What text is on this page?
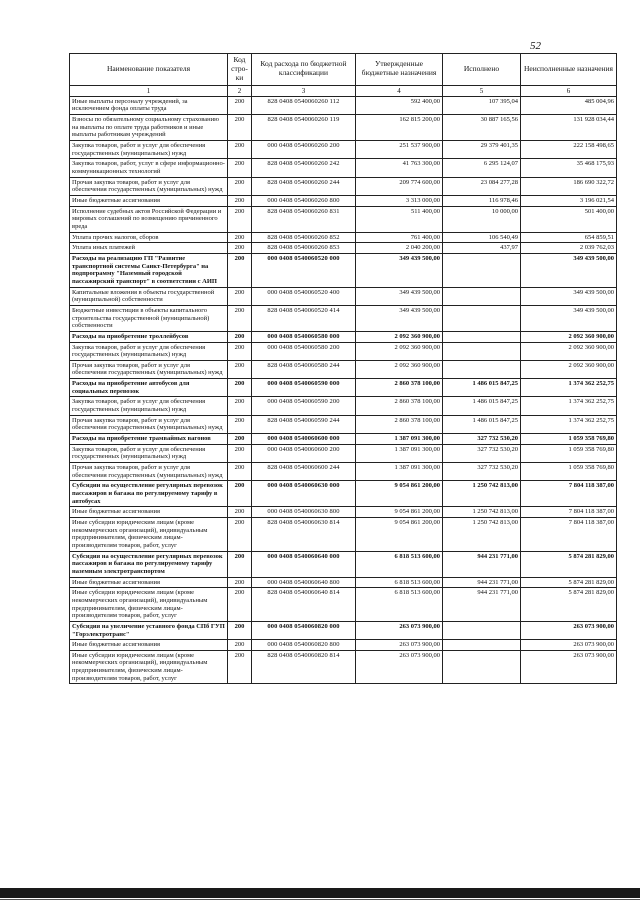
52
Наименование показателя	Код стро-ки	Код расхода по бюджетной классификации	Утвержденные бюджетные назначения	Исполнено	Неисполненные назначения
1	2	3	4	5	6
Иные выплаты персоналу учреждений, за исключением фонда оплаты труда	200	828 0408 0540060260 112	592 400,00	107 395,04	485 004,96
Взносы по обязательному социальному страхованию на выплаты по оплате труда работников и иные выплаты работникам учреждений	200	828 0408 0540060260 119	162 815 200,00	30 887 165,56	131 928 034,44
Закупка товаров, работ и услуг для обеспечения государственных (муниципальных) нужд	200	000 0408 0540060260 200	251 537 900,00	29 379 401,35	222 158 498,65
Закупка товаров, работ, услуг в сфере информационно-коммуникационных технологий	200	828 0408 0540060260 242	41 763 300,00	6 295 124,07	35 468 175,93
Прочая закупка товаров, работ и услуг для обеспечения государственных (муниципальных) нужд	200	828 0408 0540060260 244	209 774 600,00	23 084 277,28	186 690 322,72
Иные бюджетные ассигнования	200	000 0408 0540060260 800	3 313 000,00	116 978,46	3 196 021,54
Исполнение судебных актов Российской Федерации и мировых соглашений по возмещению причиненного вреда	200	828 0408 0540060260 831	511 400,00	10 000,00	501 400,00
Уплата прочих налогов, сборов	200	828 0408 0540060260 852	761 400,00	106 540,49	654 859,51
Уплата иных платежей	200	828 0408 0540060260 853	2 040 200,00	437,97	2 039 762,03
Расходы на реализацию ГП "Развитие транспортной системы Санкт-Петербурга" на подпрограмму "Наземный городской пассажирский транспорт" в соответствии с АИП	200	000 0408 0540060520 000	349 439 500,00		349 439 500,00
Капитальные вложения в объекты государственной (муниципальной) собственности	200	000 0408 0540060520 400	349 439 500,00		349 439 500,00
Бюджетные инвестиции в объекты капитального строительства государственной (муниципальной) собственности	200	828 0408 0540060520 414	349 439 500,00		349 439 500,00
Расходы на приобретение троллейбусов	200	000 0408 0540060580 000	2 092 360 900,00		2 092 360 900,00
Закупка товаров, работ и услуг для обеспечения государственных (муниципальных) нужд	200	000 0408 0540060580 200	2 092 360 900,00		2 092 360 900,00
Прочая закупка товаров, работ и услуг для обеспечения государственных (муниципальных) нужд	200	828 0408 0540060580 244	2 092 360 900,00		2 092 360 900,00
Расходы на приобретение автобусов для социальных перевозок	200	000 0408 0540060590 000	2 860 378 100,00	1 486 015 847,25	1 374 362 252,75
Закупка товаров, работ и услуг для обеспечения государственных (муниципальных) нужд	200	000 0408 0540060590 200	2 860 378 100,00	1 486 015 847,25	1 374 362 252,75
Прочая закупка товаров, работ и услуг для обеспечения государственных (муниципальных) нужд	200	828 0408 0540060590 244	2 860 378 100,00	1 486 015 847,25	1 374 362 252,75
Расходы на приобретение трамвайных вагонов	200	000 0408 0540060600 000	1 387 091 300,00	327 732 530,20	1 059 358 769,80
Закупка товаров, работ и услуг для обеспечения государственных (муниципальных) нужд	200	000 0408 0540060600 200	1 387 091 300,00	327 732 530,20	1 059 358 769,80
Прочая закупка товаров, работ и услуг для обеспечения государственных (муниципальных) нужд	200	828 0408 0540060600 244	1 387 091 300,00	327 732 530,20	1 059 358 769,80
Субсидии на осуществление регулярных перевозок пассажиров и багажа по регулируемому тарифу в автобусах	200	000 0408 0540060630 000	9 054 861 200,00	1 250 742 813,00	7 804 118 387,00
Иные бюджетные ассигнования	200	000 0408 0540060630 800	9 054 861 200,00	1 250 742 813,00	7 804 118 387,00
Иные субсидии юридическим лицам (кроме некоммерческих организаций), индивидуальным предпринимателям, физическим лицам-производителям товаров, работ, услуг	200	828 0408 0540060630 814	9 054 861 200,00	1 250 742 813,00	7 804 118 387,00
Субсидия на осуществление регулярных перевозок пассажиров и багажа по регулируемому тарифу наземным электротранспортом	200	000 0408 0540060640 000	6 818 513 600,00	944 231 771,00	5 874 281 829,00
Иные бюджетные ассигнования	200	000 0408 0540060640 800	6 818 513 600,00	944 231 771,00	5 874 281 829,00
Иные субсидии юридическим лицам (кроме некоммерческих организаций), индивидуальным предпринимателям, физическим лицам-производителям товаров, работ, услуг	200	828 0408 0540060640 814	6 818 513 600,00	944 231 771,00	5 874 281 829,00
Субсидия на увеличение уставного фонда СПб ГУП "Горэлектротранс"	200	000 0408 0540060820 000	263 073 900,00		263 073 900,00
Иные бюджетные ассигнования	200	000 0408 0540060820 800	263 073 900,00		263 073 900,00
Иные субсидии юридическим лицам (кроме некоммерческих организаций), индивидуальным предпринимателям, физическим лицам-производителям товаров, работ, услуг	200	828 0408 0540060820 814	263 073 900,00		263 073 900,00
